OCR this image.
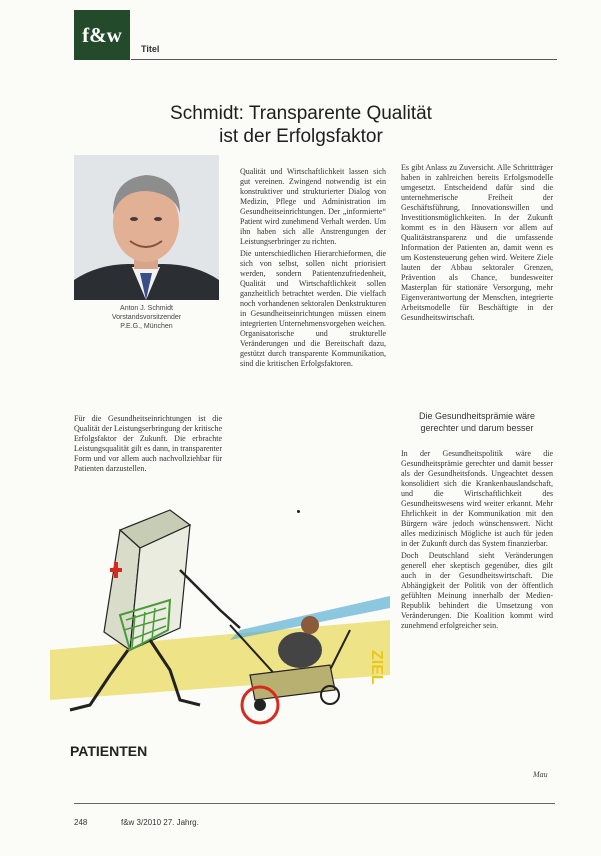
f&w
Titel
Schmidt: Transparente Qualität
ist der Erfolgsfaktor
Anton J. Schmidt
Vorstandsvorsitzender
P.E.G., München

Für die Gesundheitseinrichtungen ist die Qualität der Leistungserbringung der kritische Erfolgsfaktor der Zukunft. Die erbrachte Leistungsqualität gilt es dann, in transparenter Form und vor allem auch nachvollziehbar für Patienten darzustellen.

Qualität und Wirtschaftlichkeit lassen sich gut vereinen. Zwingend notwendig ist ein konstruktiver und strukturierter Dialog von Medizin, Pflege und Administration im Gesundheitseinrichtungen. Der „informierte“ Patient wird zunehmend Verhalt werden. Um ihn haben sich alle Anstrengungen der Leistungserbringer zu richten.

Die unterschiedlichen Hierarchieformen, die sich von selbst, sollen nicht priorisiert werden, sondern Patientenzufriedenheit, Qualität und Wirtschaftlichkeit sollen ganzheitlich betrachtet werden. Die vielfach noch vorhandenen sektoralen Denkstrukturen in Gesundheitseinrichtungen müssen einem integrierten Unternehmensvorgehen weichen. Organisatorische und strukturelle Veränderungen und die Bereitschaft dazu, gestützt durch transparente Kommunikation, sind die kritischen Erfolgsfaktoren.

Es gibt Anlass zu Zuversicht. Alle Schrittträger haben in zahlreichen bereits Erfolgsmodelle umgesetzt. Entscheidend dafür sind die unternehmerische Freiheit der Geschäftsführung, Innovationswillen und Investitionsmöglichkeiten. In der Zukunft kommt es in den Häusern vor allem auf Qualitätstransparenz und die umfassende Information der Patienten an, damit wenn es um Kostensteuerung gehen wird. Weitere Ziele lauten der Abbau sektoraler Grenzen, Prävention als Chance, bundesweiter Masterplan für stationäre Versorgung, mehr Eigenverantwortung der Menschen, integrierte Arbeitsmodelle für Beschäftigte in der Gesundheitswirtschaft.

Die Gesundheitsprämie wäre
gerechter und darum besser

In der Gesundheitspolitik wäre die Gesundheitsprämie gerechter und damit besser als der Gesundheitsfonds. Ungeachtet dessen konsolidiert sich die Krankenhauslandschaft, und die Wirtschaftlichkeit des Gesundheitswesens wird weiter erkannt. Mehr Ehrlichkeit in der Kommunikation mit den Bürgern wäre jedoch wünschenswert. Nicht alles medizinisch Mögliche ist auch für jeden in der Zukunft durch das System finanzierbar.

Doch Deutschland sieht Veränderungen generell eher skeptisch gegenüber, dies gilt auch in der Gesundheitswirtschaft. Die Abhängigkeit der Politik von der öffentlich gefühlten Meinung innerhalb der Medien-Republik behindert die Umsetzung von Veränderungen. Die Koalition kommt wird zunehmend erfolgreicher sein.

PATIENTEN
ZIEL
Mau
248	f&w 3/2010 27. Jahrg.
